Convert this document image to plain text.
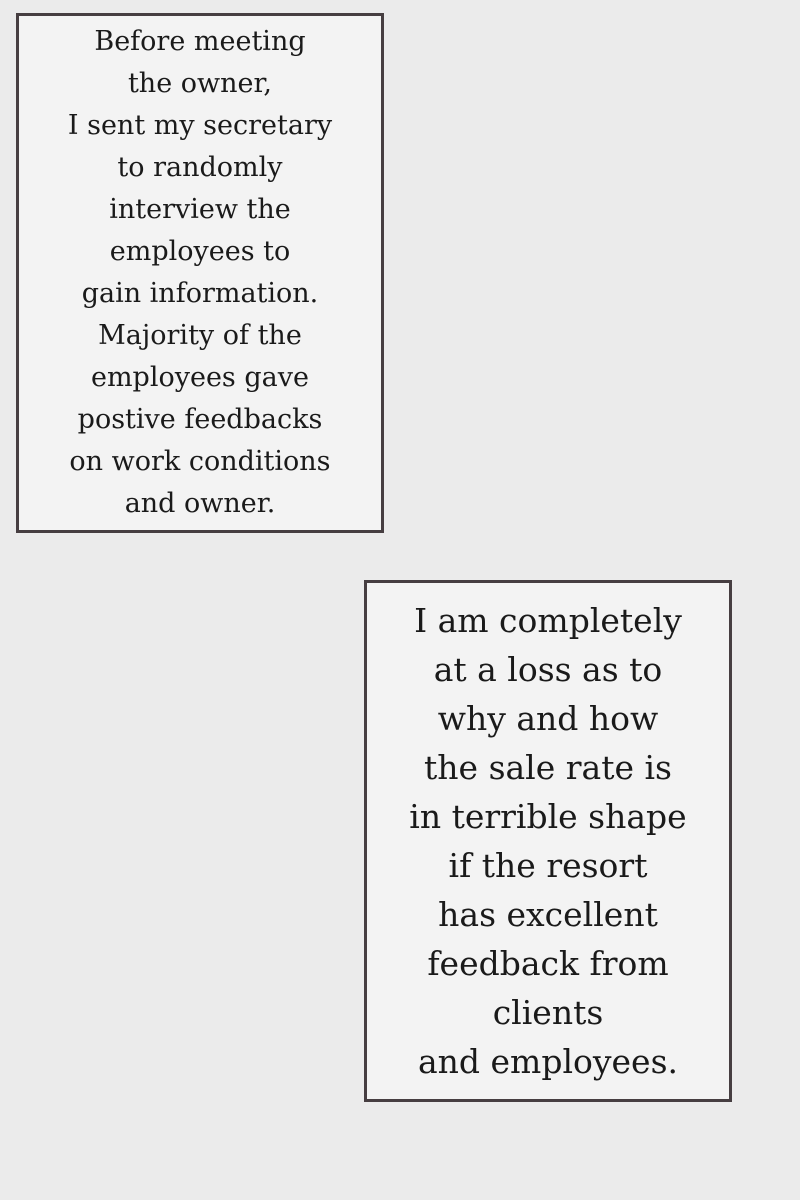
Before meeting
the owner,
I sent my secretary
to randomly
interview the
employees to
gain information.
Majority of the
employees gave
postive feedbacks
on work conditions
and owner.
I am completely
at a loss as to
why and how
the sale rate is
in terrible shape
if the resort
has excellent
feedback from
clients
and employees.
